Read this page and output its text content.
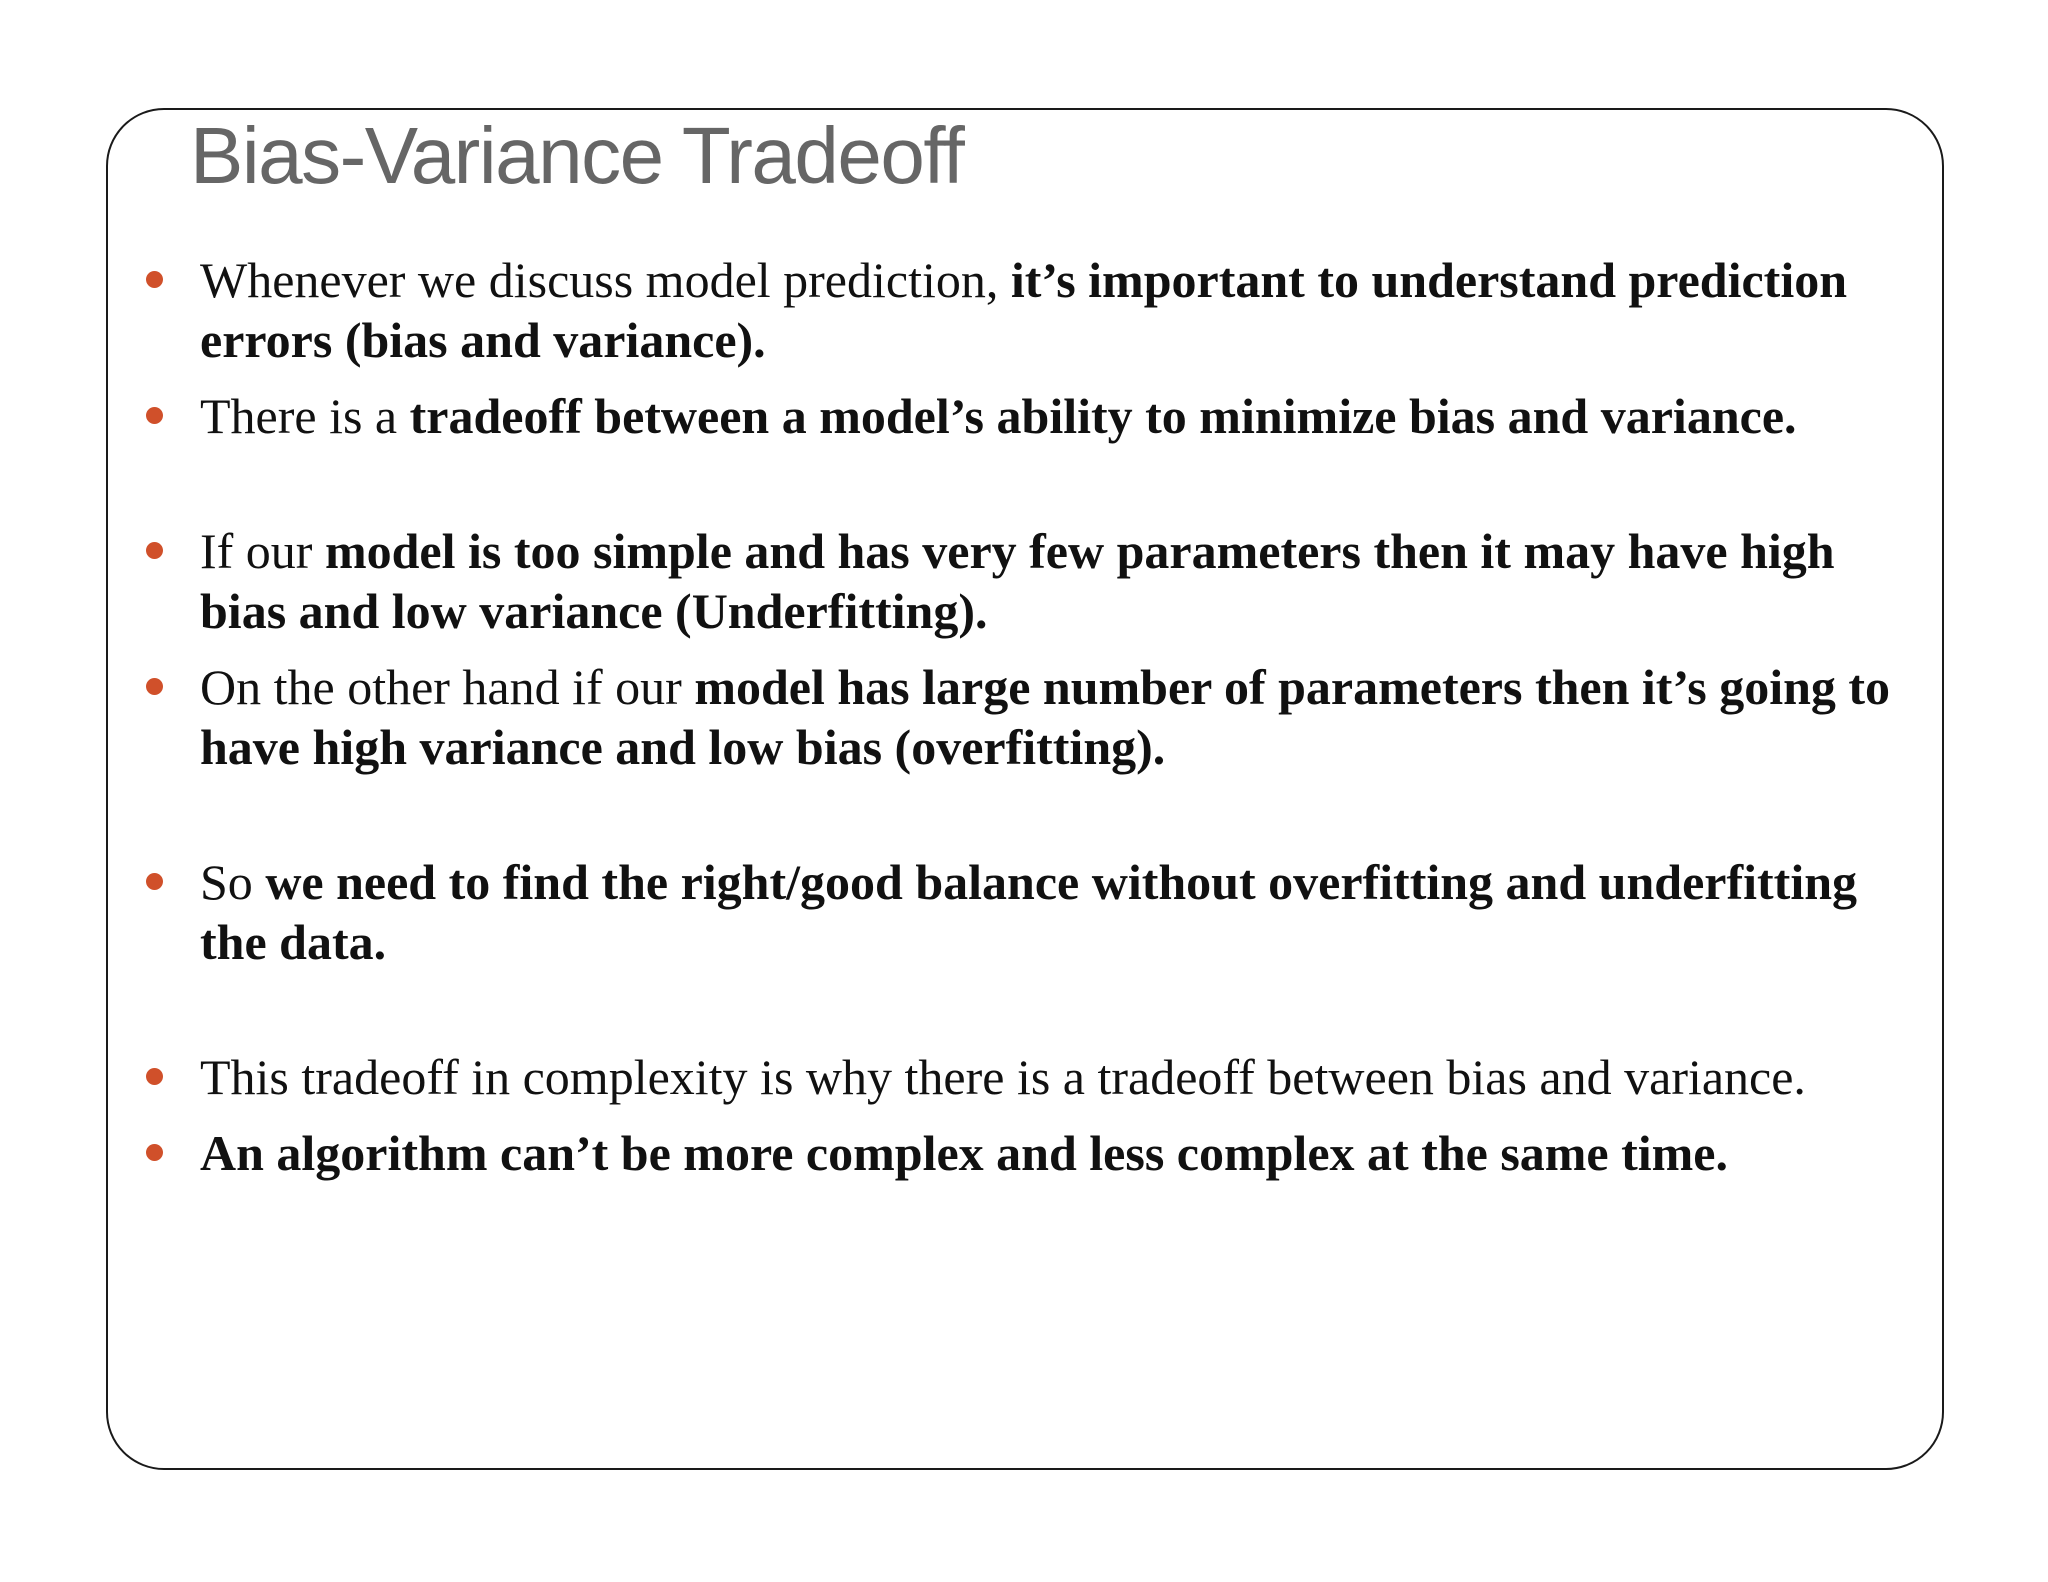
Bias-Variance Tradeoff
Whenever we discuss model prediction, it’s important to understand prediction errors (bias and variance).
There is a tradeoff between a model’s ability to minimize bias and variance.
If our model is too simple and has very few parameters then it may have high bias and low variance (Underfitting).
On the other hand if our model has large number of parameters then it’s going to have high variance and low bias (overfitting).
So we need to find the right/good balance without overfitting and underfitting the data.
This tradeoff in complexity is why there is a tradeoff between bias and variance.
An algorithm can’t be more complex and less complex at the same time.
